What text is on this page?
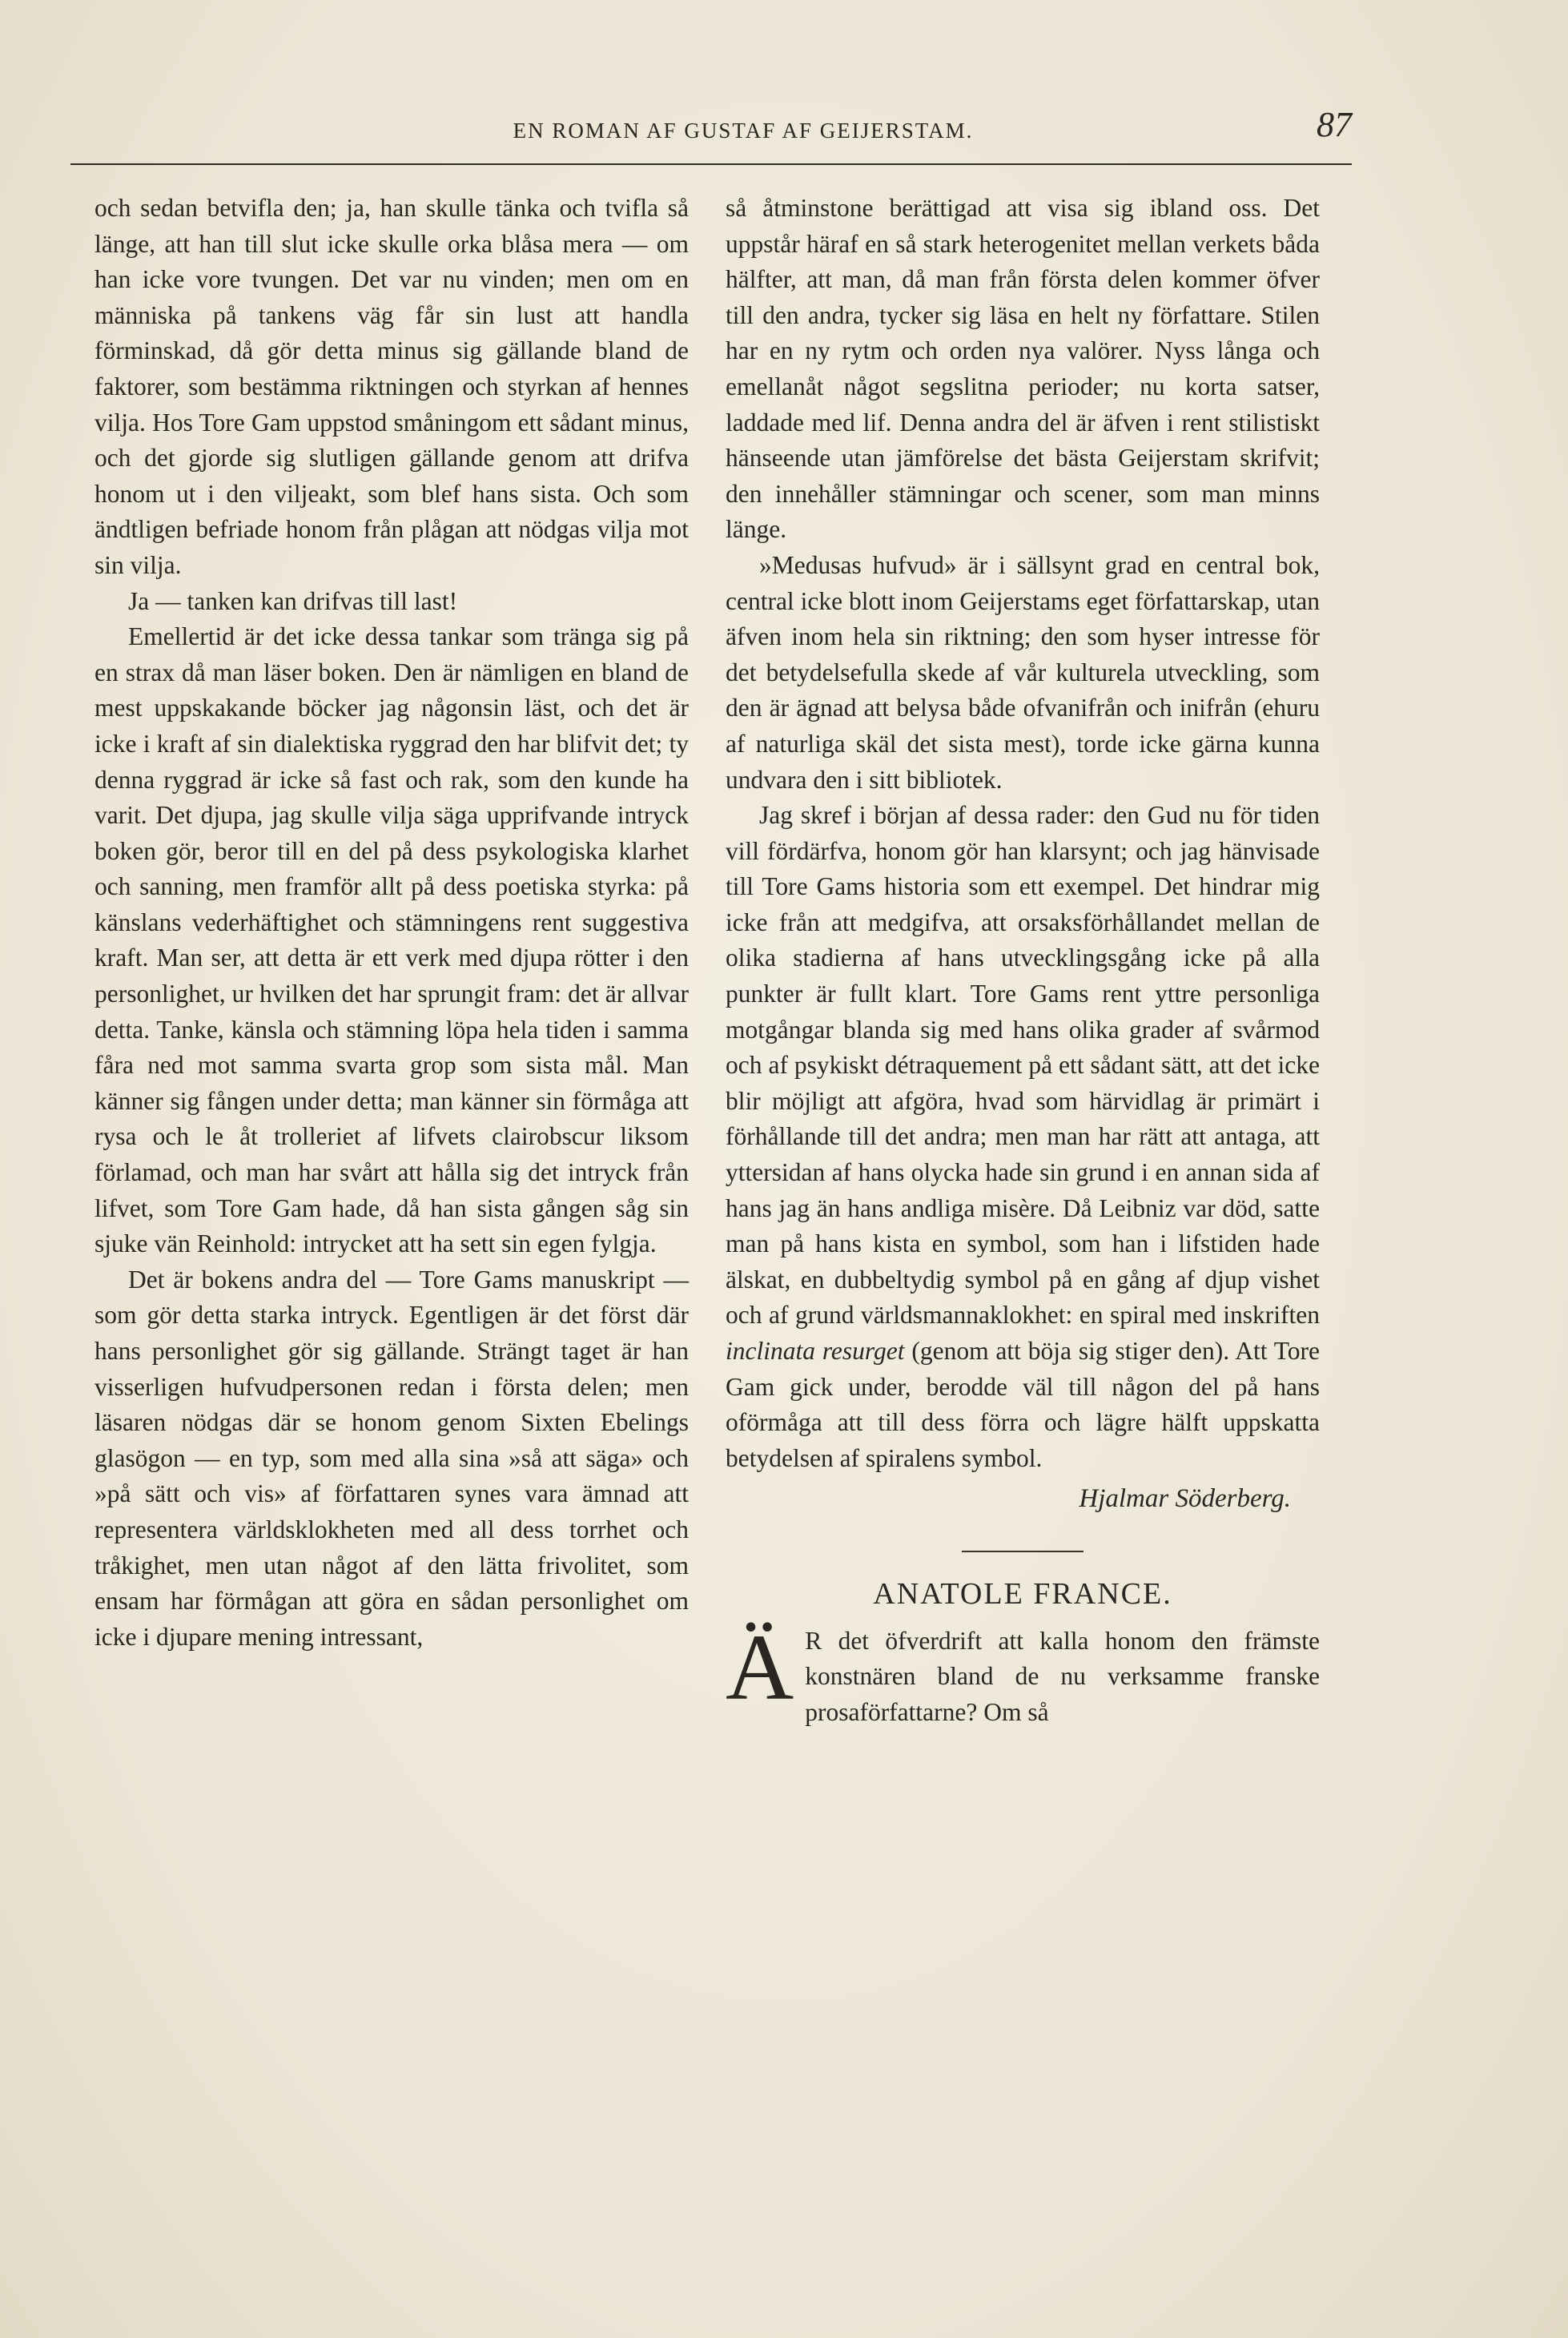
EN ROMAN AF GUSTAF AF GEIJERSTAM.	87

och sedan betvifla den; ja, han skulle tänka och tvifla så länge, att han till slut icke skulle orka blåsa mera — om han icke vore tvungen. Det var nu vinden; men om en människa på tankens väg får sin lust att handla förminskad, då gör detta minus sig gällande bland de faktorer, som bestämma riktningen och styrkan af hennes vilja. Hos Tore Gam uppstod småningom ett sådant minus, och det gjorde sig slutligen gällande genom att drifva honom ut i den viljeakt, som blef hans sista. Och som ändtligen befriade honom från plågan att nödgas vilja mot sin vilja.

Ja — tanken kan drifvas till last!

Emellertid är det icke dessa tankar som tränga sig på en strax då man läser boken. Den är nämligen en bland de mest uppskakande böcker jag någonsin läst, och det är icke i kraft af sin dialektiska ryggrad den har blifvit det; ty denna ryggrad är icke så fast och rak, som den kunde ha varit. Det djupa, jag skulle vilja säga upprifvande intryck boken gör, beror till en del på dess psykologiska klarhet och sanning, men framför allt på dess poetiska styrka: på känslans vederhäftighet och stämningens rent suggestiva kraft. Man ser, att detta är ett verk med djupa rötter i den personlighet, ur hvilken det har sprungit fram: det är allvar detta. Tanke, känsla och stämning löpa hela tiden i samma fåra ned mot samma svarta grop som sista mål. Man känner sig fången under detta; man känner sin förmåga att rysa och le åt trolleriet af lifvets clairobscur liksom förlamad, och man har svårt att hålla sig det intryck från lifvet, som Tore Gam hade, då han sista gången såg sin sjuke vän Reinhold: intrycket att ha sett sin egen fylgja.

Det är bokens andra del — Tore Gams manuskript — som gör detta starka intryck. Egentligen är det först där hans personlighet gör sig gällande. Strängt taget är han visserligen hufvudpersonen redan i första delen; men läsaren nödgas där se honom genom Sixten Ebelings glasögon — en typ, som med alla sina »så att säga» och »på sätt och vis» af författaren synes vara ämnad att representera världsklokheten med all dess torrhet och tråkighet, men utan något af den lätta frivolitet, som ensam har förmågan att göra en sådan personlighet om icke i djupare mening intressant,

så åtminstone berättigad att visa sig ibland oss. Det uppstår häraf en så stark heterogenitet mellan verkets båda hälfter, att man, då man från första delen kommer öfver till den andra, tycker sig läsa en helt ny författare. Stilen har en ny rytm och orden nya valörer. Nyss långa och emellanåt något segslitna perioder; nu korta satser, laddade med lif. Denna andra del är äfven i rent stilistiskt hänseende utan jämförelse det bästa Geijerstam skrifvit; den innehåller stämningar och scener, som man minns länge.

»Medusas hufvud» är i sällsynt grad en central bok, central icke blott inom Geijerstams eget författarskap, utan äfven inom hela sin riktning; den som hyser intresse för det betydelsefulla skede af vår kulturela utveckling, som den är ägnad att belysa både ofvanifrån och inifrån (ehuru af naturliga skäl det sista mest), torde icke gärna kunna undvara den i sitt bibliotek.

Jag skref i början af dessa rader: den Gud nu för tiden vill fördärfva, honom gör han klarsynt; och jag hänvisade till Tore Gams historia som ett exempel. Det hindrar mig icke från att medgifva, att orsaksförhållandet mellan de olika stadierna af hans utvecklingsgång icke på alla punkter är fullt klart. Tore Gams rent yttre personliga motgångar blanda sig med hans olika grader af svårmod och af psykiskt détraquement på ett sådant sätt, att det icke blir möjligt att afgöra, hvad som härvidlag är primärt i förhållande till det andra; men man har rätt att antaga, att yttersidan af hans olycka hade sin grund i en annan sida af hans jag än hans andliga misère. Då Leibniz var död, satte man på hans kista en symbol, som han i lifstiden hade älskat, en dubbeltydig symbol på en gång af djup vishet och af grund världsmannaklokhet: en spiral med inskriften inclinata resurget (genom att böja sig stiger den). Att Tore Gam gick under, berodde väl till någon del på hans oförmåga att till dess förra och lägre hälft uppskatta betydelsen af spiralens symbol.

Hjalmar Söderberg.
ANATOLE FRANCE.

Ä R det öfverdrift att kalla honom den främste konstnären bland de nu verksamme franske prosaförfattarne? Om så
